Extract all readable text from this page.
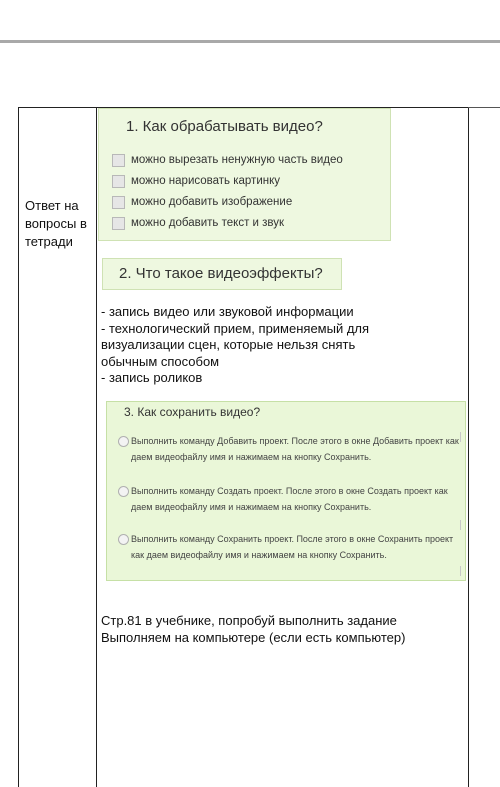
Ответ на вопросы в тетради
1. Как обрабатывать видео?
можно вырезать ненужную часть видео
можно нарисовать картинку
можно добавить изображение
можно добавить текст и звук
2. Что такое видеоэффекты?
- запись видео или звуковой информации
- технологический прием, применяемый для визуализации сцен, которые нельзя снять обычным способом
- запись роликов
3. Как сохранить видео?
Выполнить команду Добавить проект. После этого в окне Добавить проект как даем видеофайлу имя и нажимаем на кнопку Сохранить.
Выполнить команду Создать проект. После этого в окне Создать проект как даем видеофайлу имя и нажимаем на кнопку Сохранить.
Выполнить команду Сохранить проект. После этого в окне Сохранить проект как даем видеофайлу имя и нажимаем на кнопку Сохранить.
Стр.81 в учебнике, попробуй выполнить задание
Выполняем на компьютере (если есть компьютер)
